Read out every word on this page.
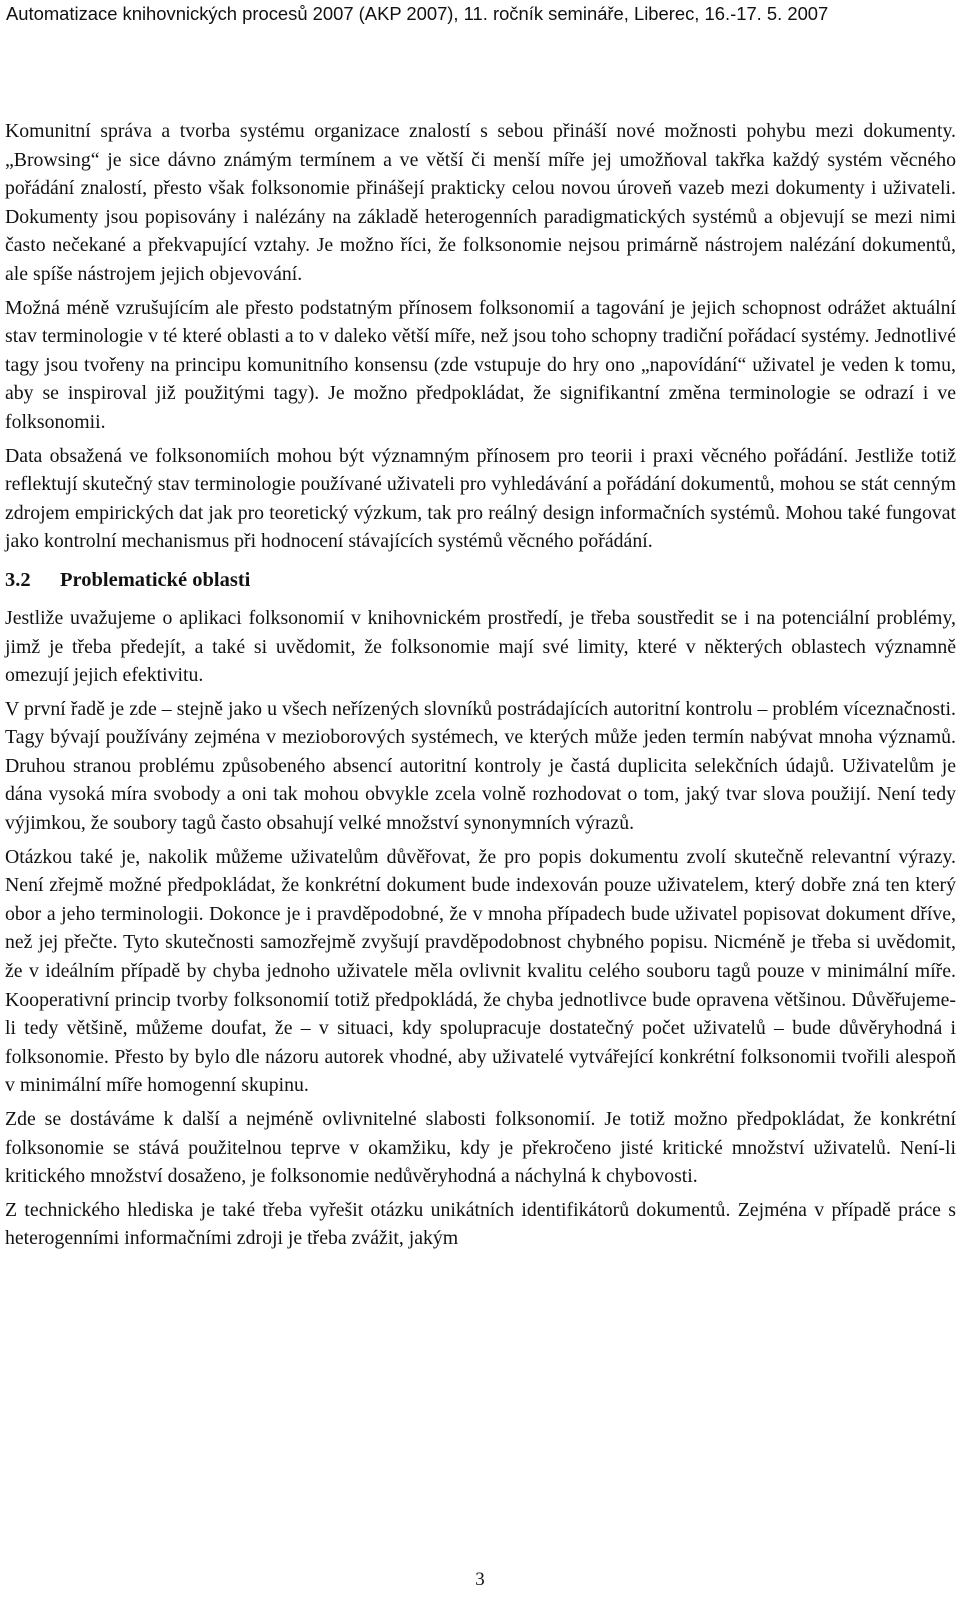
Automatizace knihovnických procesů 2007 (AKP 2007), 11. ročník semináře, Liberec, 16.-17. 5. 2007

Komunitní správa a tvorba systému organizace znalostí s sebou přináší nové možnosti pohybu mezi dokumenty. „Browsing“ je sice dávno známým termínem a ve větší či menší míře jej umožňoval takřka každý systém věcného pořádání znalostí, přesto však folksonomie přinášejí prakticky celou novou úroveň vazeb mezi dokumenty i uživateli. Dokumenty jsou popisovány i nalézány na základě heterogenních paradigmatických systémů a objevují se mezi nimi často nečekané a překvapující vztahy. Je možno říci, že folksonomie nejsou primárně nástrojem nalézání dokumentů, ale spíše nástrojem jejich objevování.

Možná méně vzrušujícím ale přesto podstatným přínosem folksonomií a tagování je jejich schopnost odrážet aktuální stav terminologie v té které oblasti a to v daleko větší míře, než jsou toho schopny tradiční pořádací systémy. Jednotlivé tagy jsou tvořeny na principu komunitního konsensu (zde vstupuje do hry ono „napovídání“ uživatel je veden k tomu, aby se inspiroval již použitými tagy). Je možno předpokládat, že signifikantní změna terminologie se odrazí i ve folksonomii.

Data obsažená ve folksonomiích mohou být významným přínosem pro teorii i praxi věcného pořádání. Jestliže totiž reflektují skutečný stav terminologie používané uživateli pro vyhledávání a pořádání dokumentů, mohou se stát cenným zdrojem empirických dat jak pro teoretický výzkum, tak pro reálný design informačních systémů. Mohou také fungovat jako kontrolní mechanismus při hodnocení stávajících systémů věcného pořádání.

3.2 Problematické oblasti

Jestliže uvažujeme o aplikaci folksonomií v knihovnickém prostředí, je třeba soustředit se i na potenciální problémy, jimž je třeba předejít, a také si uvědomit, že folksonomie mají své limity, které v některých oblastech významně omezují jejich efektivitu.

V první řadě je zde – stejně jako u všech neřízených slovníků postrádajících autoritní kontrolu – problém víceznačnosti. Tagy bývají používány zejména v mezioborových systémech, ve kterých může jeden termín nabývat mnoha významů. Druhou stranou problému způsobeného absencí autoritní kontroly je častá duplicita selekčních údajů. Uživatelům je dána vysoká míra svobody a oni tak mohou obvykle zcela volně rozhodovat o tom, jaký tvar slova použijí. Není tedy výjimkou, že soubory tagů často obsahují velké množství synonymních výrazů.

Otázkou také je, nakolik můžeme uživatelům důvěřovat, že pro popis dokumentu zvolí skutečně relevantní výrazy. Není zřejmě možné předpokládat, že konkrétní dokument bude indexován pouze uživatelem, který dobře zná ten který obor a jeho terminologii. Dokonce je i pravděpodobné, že v mnoha případech bude uživatel popisovat dokument dříve, než jej přečte. Tyto skutečnosti samozřejmě zvyšují pravděpodobnost chybného popisu. Nicméně je třeba si uvědomit, že v ideálním případě by chyba jednoho uživatele měla ovlivnit kvalitu celého souboru tagů pouze v minimální míře. Kooperativní princip tvorby folksonomií totiž předpokládá, že chyba jednotlivce bude opravena většinou. Důvěřujeme-li tedy většině, můžeme doufat, že – v situaci, kdy spolupracuje dostatečný počet uživatelů – bude důvěryhodná i folksonomie. Přesto by bylo dle názoru autorek vhodné, aby uživatelé vytvářející konkrétní folksonomii tvořili alespoň v minimální míře homogenní skupinu.

Zde se dostáváme k další a nejméně ovlivnitelné slabosti folksonomií. Je totiž možno předpokládat, že konkrétní folksonomie se stává použitelnou teprve v okamžiku, kdy je překročeno jisté kritické množství uživatelů. Není-li kritického množství dosaženo, je folksonomie nedůvěryhodná a náchylná k chybovosti.

Z technického hlediska je také třeba vyřešit otázku unikátních identifikátorů dokumentů. Zejména v případě práce s heterogenními informačními zdroji je třeba zvážit, jakým

3
